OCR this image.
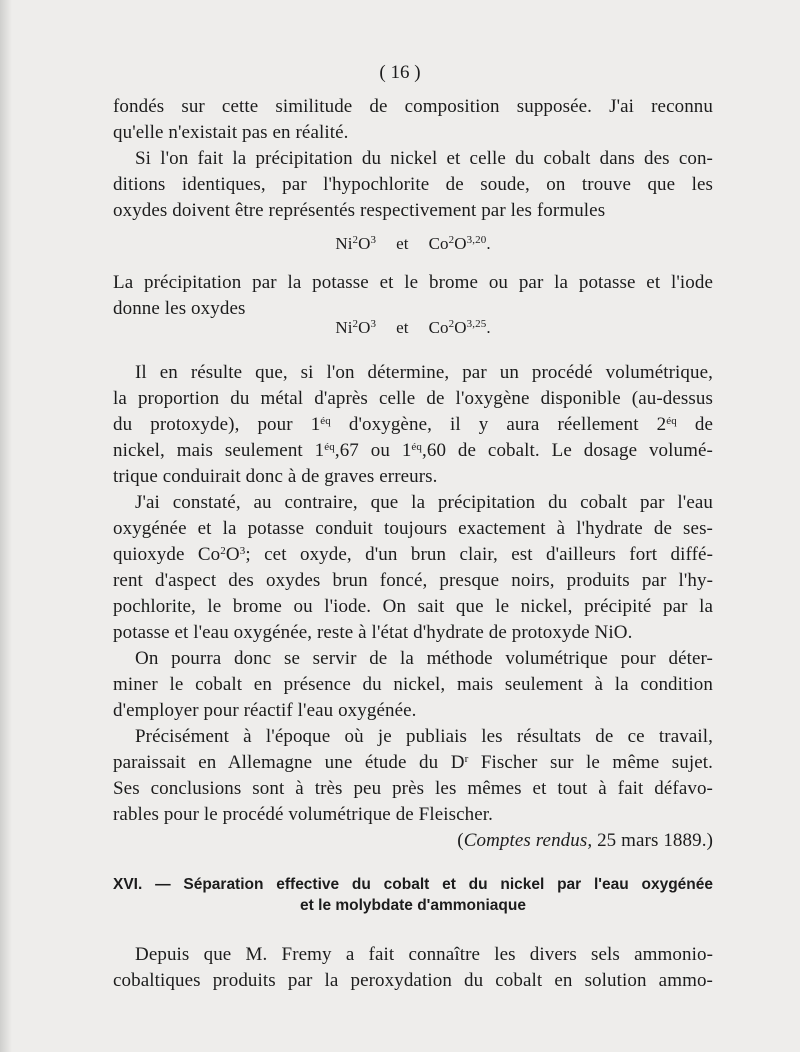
( 16 )
fondés sur cette similitude de composition supposée. J'ai reconnu
qu'elle n'existait pas en réalité.
Si l'on fait la précipitation du nickel et celle du cobalt dans des con-
ditions identiques, par l'hypochlorite de soude, on trouve que les
oxydes doivent être représentés respectivement par les formules
$Ni^2O^3$ et $Co^2O^{3,20}$.
La précipitation par la potasse et le brome ou par la potasse et l'iode
donne les oxydes
$Ni^2O^3$ et $Co^2O^{3,25}$.
Il en résulte que, si l'on détermine, par un procédé volumétrique,
la proportion du métal d'après celle de l'oxygène disponible (au-dessus
du protoxyde), pour $1^{éq}$ d'oxygène, il y aura réellement $2^{éq}$ de
nickel, mais seulement $1^{éq},67$ ou $1^{éq},60$ de cobalt. Le dosage volumé-
trique conduirait donc à de graves erreurs.
J'ai constaté, au contraire, que la précipitation du cobalt par l'eau
oxygénée et la potasse conduit toujours exactement à l'hydrate de ses-
quioxyde $Co^2O^3$; cet oxyde, d'un brun clair, est d'ailleurs fort diffé-
rent d'aspect des oxydes brun foncé, presque noirs, produits par l'hy-
pochlorite, le brome ou l'iode. On sait que le nickel, précipité par la
potasse et l'eau oxygénée, reste à l'état d'hydrate de protoxyde NiO.
On pourra donc se servir de la méthode volumétrique pour déter-
miner le cobalt en présence du nickel, mais seulement à la condition
d'employer pour réactif l'eau oxygénée.
Précisément à l'époque où je publiais les résultats de ce travail,
paraissait en Allemagne une étude du $D^r$ Fischer sur le même sujet.
Ses conclusions sont à très peu près les mêmes et tout à fait défavo-
rables pour le procédé volumétrique de Fleischer.
(Comptes rendus, 25 mars 1889.)
XVI. — Séparation effective du cobalt et du nickel par l'eau oxygénée
et le molybdate d'ammoniaque
Depuis que M. Fremy a fait connaître les divers sels ammonio-
cobaltiques produits par la peroxydation du cobalt en solution ammo-
